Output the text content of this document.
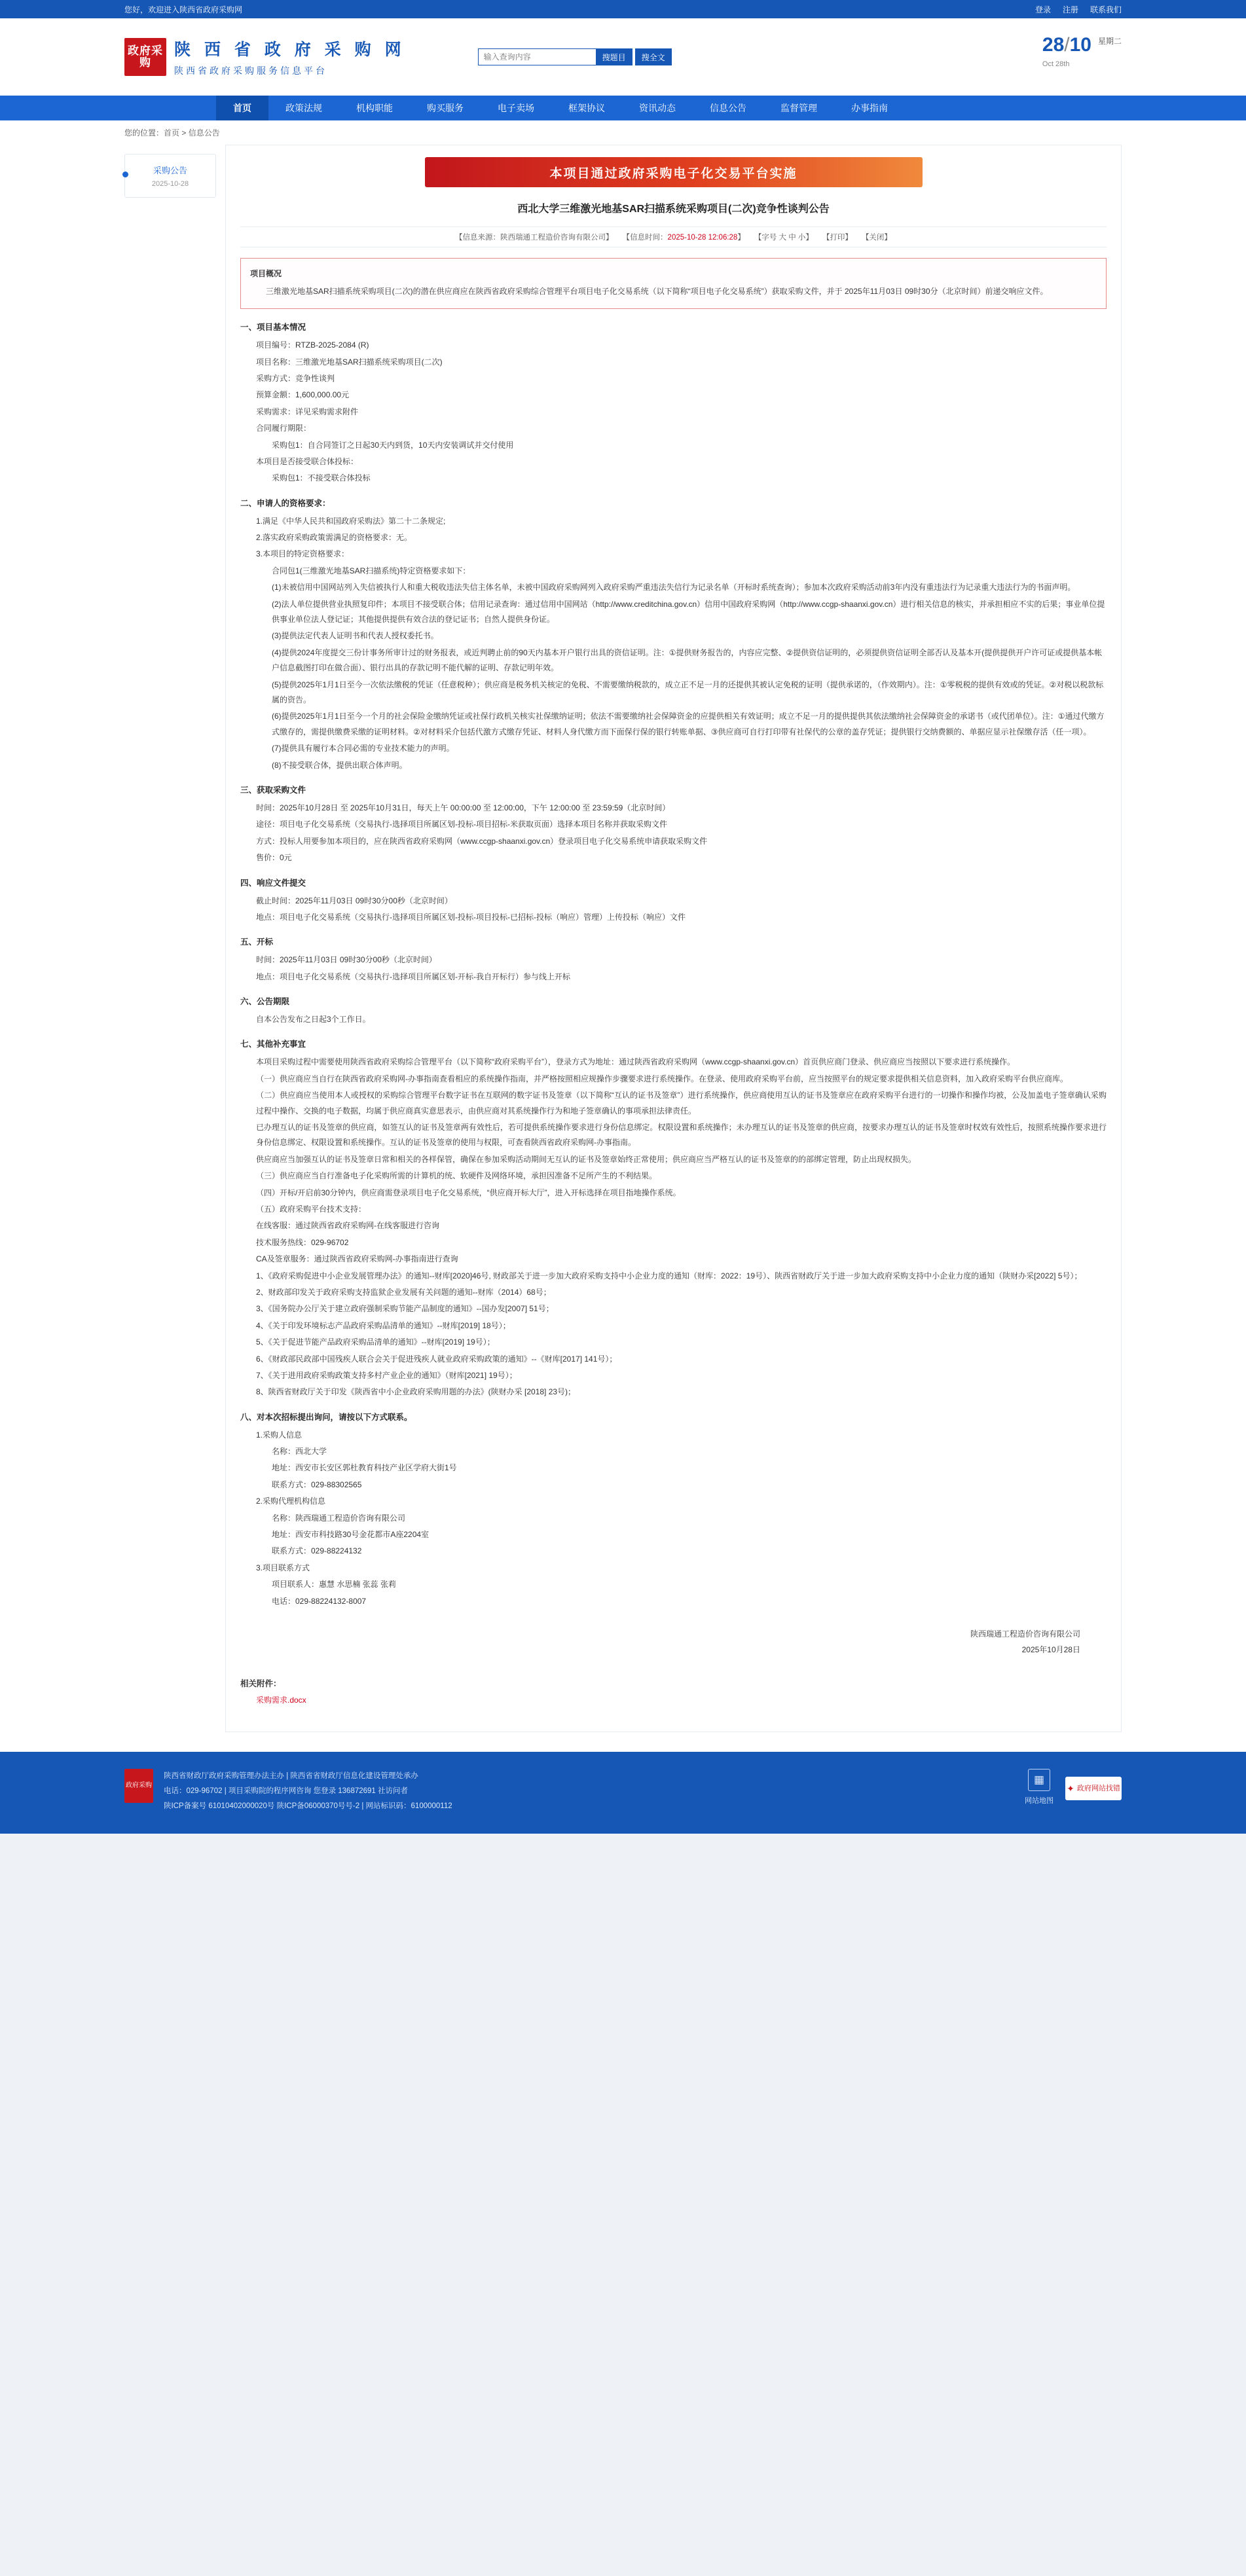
您好，欢迎进入陕西省政府采购网	登录 注册 联系我们
政府采购
陕 西 省 政 府 采 购 网
陕西省政府采购服务信息平台
输入查询内容
搜题目	搜全文
28/10
Oct 28th
星期二
首页	政策法规	机构职能	购买服务	电子卖场	框架协议	资讯动态	信息公告	监督管理	办事指南
您的位置：首页 > 信息公告
采购公告
2025-10-28
本项目通过政府采购电子化交易平台实施
西北大学三维激光地基SAR扫描系统采购项目(二次)竞争性谈判公告
【信息来源：陕西瑞通工程造价咨询有限公司】 【信息时间：2025-10-28 12:06:28】 【字号 大 中 小】 【打印】 【关闭】
项目概况
三维激光地基SAR扫描系统采购项目(二次)的潜在供应商应在陕西省政府采购综合管理平台项目电子化交易系统（以下简称“项目电子化交易系统”）获取采购文件，并于 2025年11月03日 09时30分（北京时间）前递交响应文件。
一、项目基本情况
项目编号：RTZB-2025-2084 (R)
项目名称：三维激光地基SAR扫描系统采购项目(二次)
采购方式：竞争性谈判
预算金额：1,600,000.00元
采购需求：详见采购需求附件
合同履行期限：
采购包1：自合同签订之日起30天内到货，10天内安装调试并交付使用
本项目是否接受联合体投标：
采购包1：不接受联合体投标
二、申请人的资格要求：
1.满足《中华人民共和国政府采购法》第二十二条规定;
2.落实政府采购政策需满足的资格要求：无。
3.本项目的特定资格要求：
合同包1(三维激光地基SAR扫描系统)特定资格要求如下：
(1)未被信用中国网站列入失信被执行人和重大税收违法失信主体名单，未被中国政府采购网列入政府采购严重违法失信行为记录名单（开标时系统查询）；参加本次政府采购活动前3年内没有重违法行为记录重大违法行为的书面声明。
(2)法人单位提供营业执照复印件；本项目不接受联合体；信用记录查询：通过信用中国网站（http://www.creditchina.gov.cn）信用中国政府采购网（http://www.ccgp-shaanxi.gov.cn）进行相关信息的核实，并承担相应不实的后果；事业单位提供事业单位法人登记证；其他提供提供有效合法的登记证书；自然人提供身份证。
(3)提供法定代表人证明书和代表人授权委托书。
(4)提供2024年度提交三份计事务所审计过的财务报表，或近判聘止前的90天内基本开户银行出具的资信证明。注：①提供财务报告的，内容应完整、②提供资信证明的，必须提供资信证明全部否认及基本开(提供提供开户许可证或提供基本帐户信息截图打印在做合面）、银行出具的存款记明不能代解的证明、存款记明年效。
(5)提供2025年1月1日至今一次依法缴税的凭证（任意税种）；供应商是税务机关核定的免税、不需要缴纳税款的，成立正不足一月的还提供其被认定免税的证明（提供承诺的，（作效期内）。注：①零税税的提供有效或的凭证。②对税以税款标属的资告。
(6)提供2025年1月1日至今一个月的社会保险金缴纳凭证或社保行政机关核实社保缴纳证明；依法不需要缴纳社会保障资金的应提供相关有效证明；成立不足一月的提供提供其依法缴纳社会保障资金的承诺书（或代团单位）。注：①通过代缴方式缴存的，需提供缴费采缴的证明材料。②对材料采介包括代激方式缴存凭证、材料人身代缴方而下面保行保的银行转账单据、③供应商可自行打印带有社保代的公章的盖存凭证；提供银行交纳费额的、单据应显示社保缴存活（任一项）。
(7)提供具有履行本合同必需的专业技术能力的声明。
(8)不接受联合体，提供出联合体声明。
三、获取采购文件
时间：2025年10月28日 至 2025年10月31日，每天上午 00:00:00 至 12:00:00，下午 12:00:00 至 23:59:59（北京时间）
途径：项目电子化交易系统（交易执行-选择项目所属区划-投标-项目招标-米获取页面）选择本项目名称并获取采购文件
方式：投标人用要参加本项目的，应在陕西省政府采购网（www.ccgp-shaanxi.gov.cn）登录项目电子化交易系统申请获取采购文件
售价：0元
四、响应文件提交
截止时间：2025年11月03日 09时30分00秒（北京时间）
地点：项目电子化交易系统（交易执行-选择项目所属区划-投标-项目投标-已招标-投标（响应）管理）上传投标（响应）文件
五、开标
时间：2025年11月03日 09时30分00秒（北京时间）
地点：项目电子化交易系统（交易执行-选择项目所属区划-开标-我自开标行）参与线上开标
六、公告期限
自本公告发布之日起3个工作日。
七、其他补充事宜
本项目采购过程中需要使用陕西省政府采购综合管理平台（以下简称“政府采购平台”），登录方式为地址：通过陕西省政府采购网（www.ccgp-shaanxi.gov.cn）首页供应商门登录、供应商应当按照以下要求进行系统操作。
（一）供应商应当自行在陕西省政府采购网-办事指南查看相应的系统操作指南，并严格按照相应规操作步骤要求进行系统操作。在登录、使用政府采购平台前，应当按照平台的规定要求提供相关信息资料，加入政府采购平台供应商库。
（二）供应商应当使用本人或授权的采购综合管理平台数字证书在互联网的数字证书及签章（以下简称“互认的证书及签章”）进行系统操作，供应商使用互认的证书及签章应在政府采购平台进行的一切操作和操作均被，公及加盖电子签章确认采购过程中操作、交换的电子数据，均属于供应商真实意思表示，由供应商对其系统操作行为和地子签章确认的事项承担法律责任。
已办理互认的证书及签章的供应商，如签互认的证书及签章两有效性后，若可提供系统操作要求进行身份信息绑定。权限设置和系统操作；未办理互认的证书及签章的供应商，按要求办理互认的证书及签章时权效有效性后，按照系统操作要求进行身份信息绑定、权限设置和系统操作。互认的证书及签章的使用与权限，可查看陕西省政府采购网-办事指南。
供应商应当加强互认的证书及签章日常和相关的各样保管，确保在参加采购活动期间无互认的证书及签章始终正常使用；供应商应当严格互认的证书及签章的的部绑定管理，防止出现权损失。
（三）供应商应当自行准备电子化采购所需的计算机的统、软硬件及网络环境，承担因准备不足所产生的不利结果。
（四）开标/开启前30分钟内，供应商需登录项目电子化交易系统，“供应商开标大厅”，进入开标选择在项目指地操作系统。
（五）政府采购平台技术支持：
在线客服：通过陕西省政府采购网-在线客服进行咨询
技术服务热线：029-96702
CA及签章服务：通过陕西省政府采购网-办事指南进行查询
1、《政府采购促进中小企业发展管理办法》的通知--财库[2020]46号, 财政部关于进一步加大政府采购支持中小企业力度的通知（财库：2022：19号）、陕西省财政厅关于进一步加大政府采购支持中小企业力度的通知（陕财办采[2022] 5号）；
2、财政部印发关于政府采购支持监狱企业发展有关问题的通知--财库（2014）68号；
3、《国务院办公厅关于建立政府强制采购节能产品制度的通知》--国办发[2007] 51号；
4、《关于印发环境标志产品政府采购品清单的通知》--财库[2019] 18号）；
5、《关于促进节能产品政府采购品清单的通知》--财库[2019] 19号）；
6、《财政部民政部中国残疾人联合会关于促进残疾人就业政府采购政策的通知》--《财库[2017] 141号）；
7、《关于进用政府采购政策支持多村产业企业的通知》（财库[2021] 19号）；
8、陕西省财政厅关于印发《陕西省中小企业政府采购用题的办法》(陕财办采 [2018] 23号)；
八、对本次招标提出询问，请按以下方式联系。
1.采购人信息
名称：西北大学
地址：西安市长安区郭杜教育科技产业区学府大街1号
联系方式：029-88302565
2.采购代理机构信息
名称：陕西瑞通工程造价咨询有限公司
地址：西安市科技路30号金花都市A座2204室
联系方式：029-88224132
3.项目联系方式
项目联系人：惠慧 水思楠 张蕊 张莉
电话：029-88224132-8007
陕西瑞通工程造价咨询有限公司
2025年10月28日
相关附件：
采购需求.docx
政府采购
陕西省财政厅政府采购管理办法主办 | 陕西省省财政厅信息化建设管理处承办
电话：029-96702 | 项目采购院的程序网咨询 您登录 136872691 社访问者
陕ICP备案号 61010402000020号 陕ICP备06000370号号-2 | 网站标识码：6100000112
▦
网站地图
✦ 政府网站找错
